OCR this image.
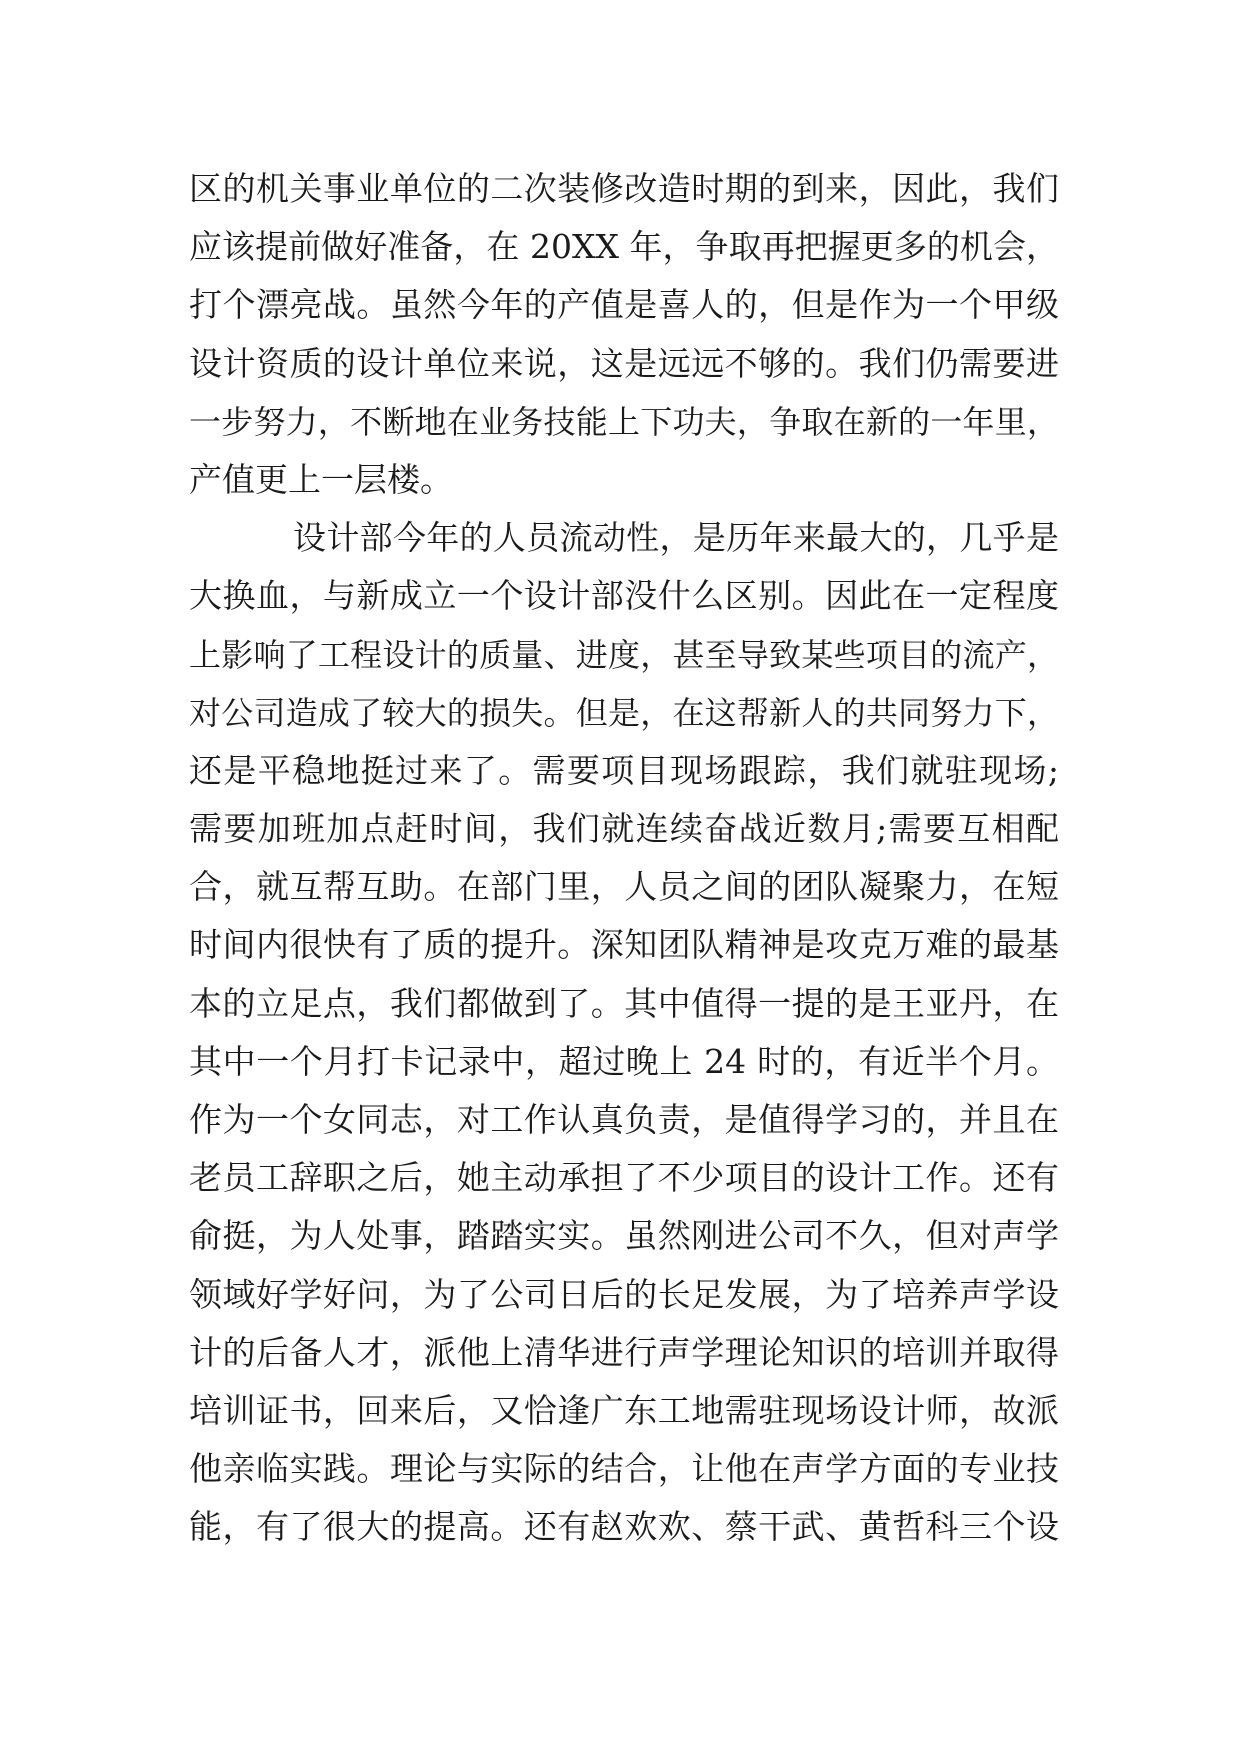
区的机关事业单位的二次装修改造时期的到来，因此，我们
应该提前做好准备，在 20XX 年，争取再把握更多的机会，
打个漂亮战。虽然今年的产值是喜人的，但是作为一个甲级
设计资质的设计单位来说，这是远远不够的。我们仍需要进
一步努力，不断地在业务技能上下功夫，争取在新的一年里，
产值更上一层楼。
设计部今年的人员流动性，是历年来最大的，几乎是
大换血，与新成立一个设计部没什么区别。因此在一定程度
上影响了工程设计的质量、进度，甚至导致某些项目的流产，
对公司造成了较大的损失。但是，在这帮新人的共同努力下，
还是平稳地挺过来了。需要项目现场跟踪，我们就驻现场;
需要加班加点赶时间，我们就连续奋战近数月;需要互相配
合，就互帮互助。在部门里，人员之间的团队凝聚力，在短
时间内很快有了质的提升。深知团队精神是攻克万难的最基
本的立足点，我们都做到了。其中值得一提的是王亚丹，在
其中一个月打卡记录中，超过晚上 24 时的，有近半个月。
作为一个女同志，对工作认真负责，是值得学习的，并且在
老员工辞职之后，她主动承担了不少项目的设计工作。还有
俞挺，为人处事，踏踏实实。虽然刚进公司不久，但对声学
领域好学好问，为了公司日后的长足发展，为了培养声学设
计的后备人才，派他上清华进行声学理论知识的培训并取得
培训证书，回来后，又恰逢广东工地需驻现场设计师，故派
他亲临实践。理论与实际的结合，让他在声学方面的专业技
能，有了很大的提高。还有赵欢欢、蔡干武、黄哲科三个设
